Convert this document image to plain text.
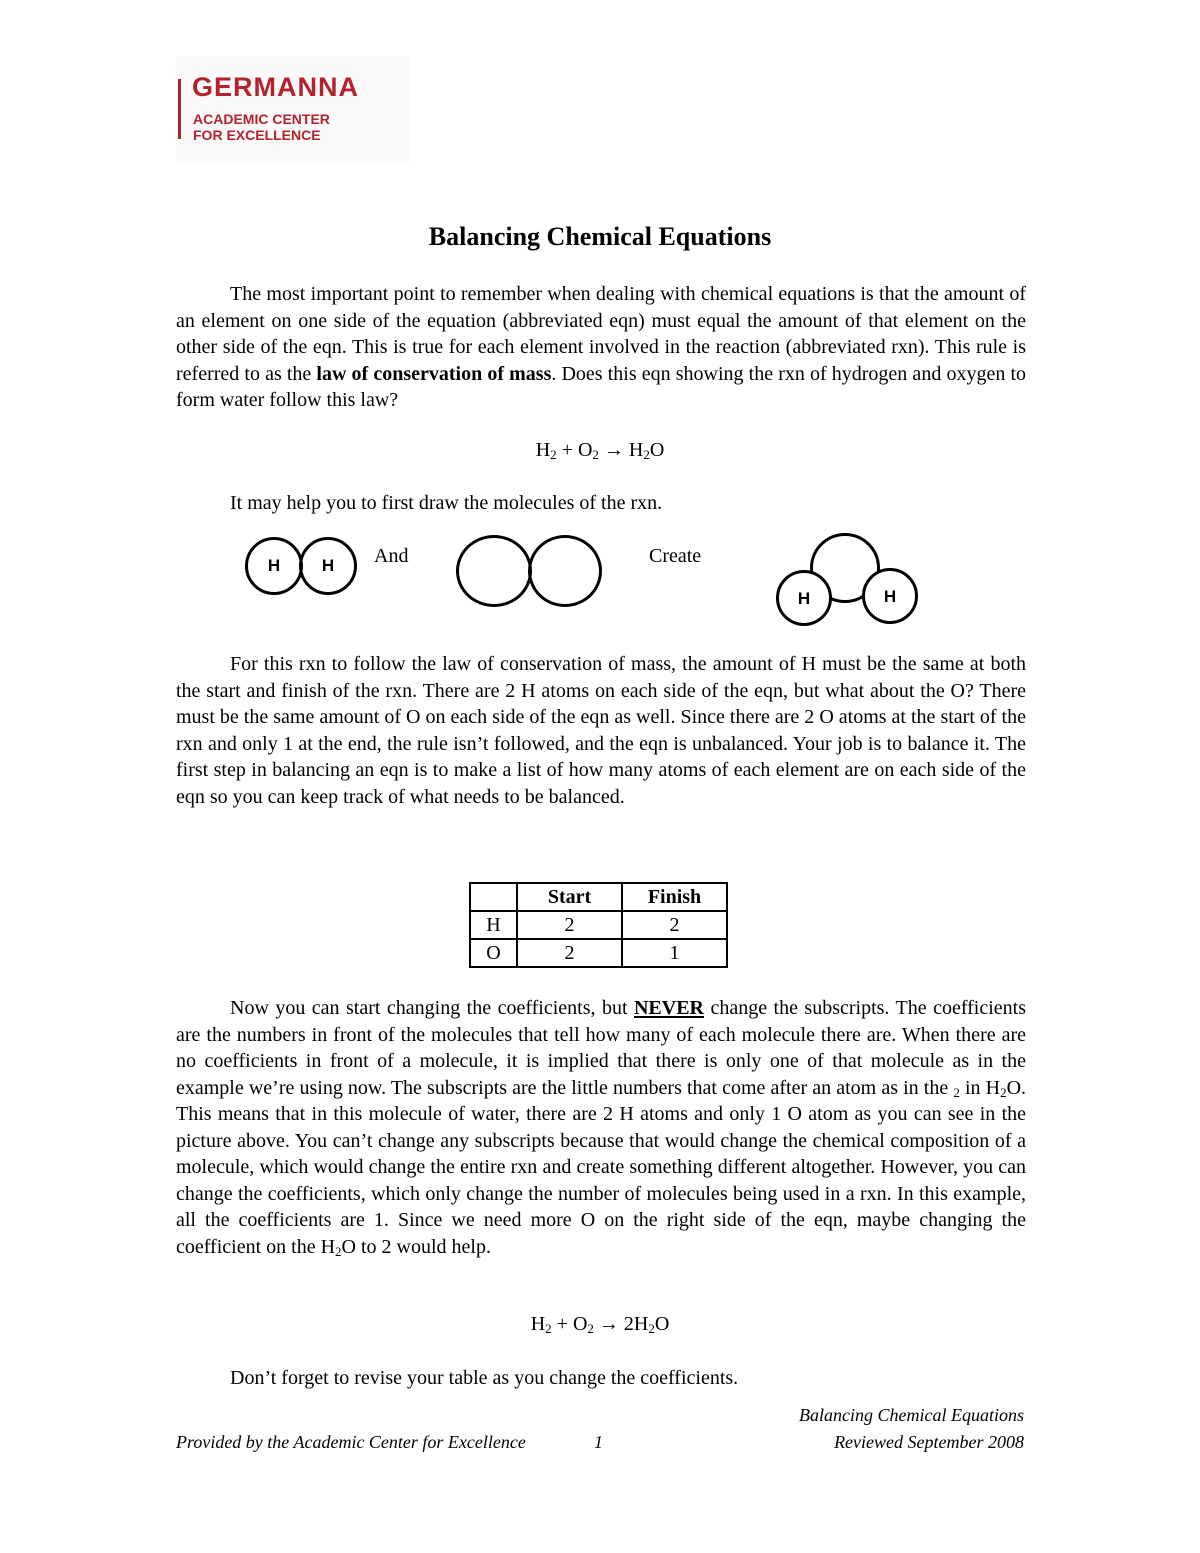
GERMANNA
ACADEMIC CENTER
FOR EXCELLENCE
Balancing Chemical Equations

The most important point to remember when dealing with chemical equations is that the amount of an element on one side of the equation (abbreviated eqn) must equal the amount of that element on the other side of the eqn. This is true for each element involved in the reaction (abbreviated rxn). This rule is referred to as the law of conservation of mass. Does this eqn showing the rxn of hydrogen and oxygen to form water follow this law?

$H_2 + O_2 \to H_2O$
It may help you to first draw the molecules of the rxn.
H	H	And	Create
H	H

For this rxn to follow the law of conservation of mass, the amount of H must be the same at both the start and finish of the rxn. There are 2 H atoms on each side of the eqn, but what about the O? There must be the same amount of O on each side of the eqn as well. Since there are 2 O atoms at the start of the rxn and only 1 at the end, the rule isn’t followed, and the eqn is unbalanced. Your job is to balance it. The first step in balancing an eqn is to make a list of how many atoms of each element are on each side of the eqn so you can keep track of what needs to be balanced.

	Start	Finish
H	2	2
O	2	1

Now you can start changing the coefficients, but NEVER change the subscripts. The coefficients are the numbers in front of the molecules that tell how many of each molecule there are. When there are no coefficients in front of a molecule, it is implied that there is only one of that molecule as in the example we’re using now. The subscripts are the little numbers that come after an atom as in the $_2$ in $H_2O$. This means that in this molecule of water, there are 2 H atoms and only 1 O atom as you can see in the picture above. You can’t change any subscripts because that would change the chemical composition of a molecule, which would change the entire rxn and create something different altogether. However, you can change the coefficients, which only change the number of molecules being used in a rxn. In this example, all the coefficients are 1. Since we need more O on the right side of the eqn, maybe changing the coefficient on the $H_2O$ to 2 would help.

$H_2 + O_2 \to 2H_2O$
Don’t forget to revise your table as you change the coefficients.
Balancing Chemical Equations
Provided by the Academic Center for Excellence	1	Reviewed September 2008
